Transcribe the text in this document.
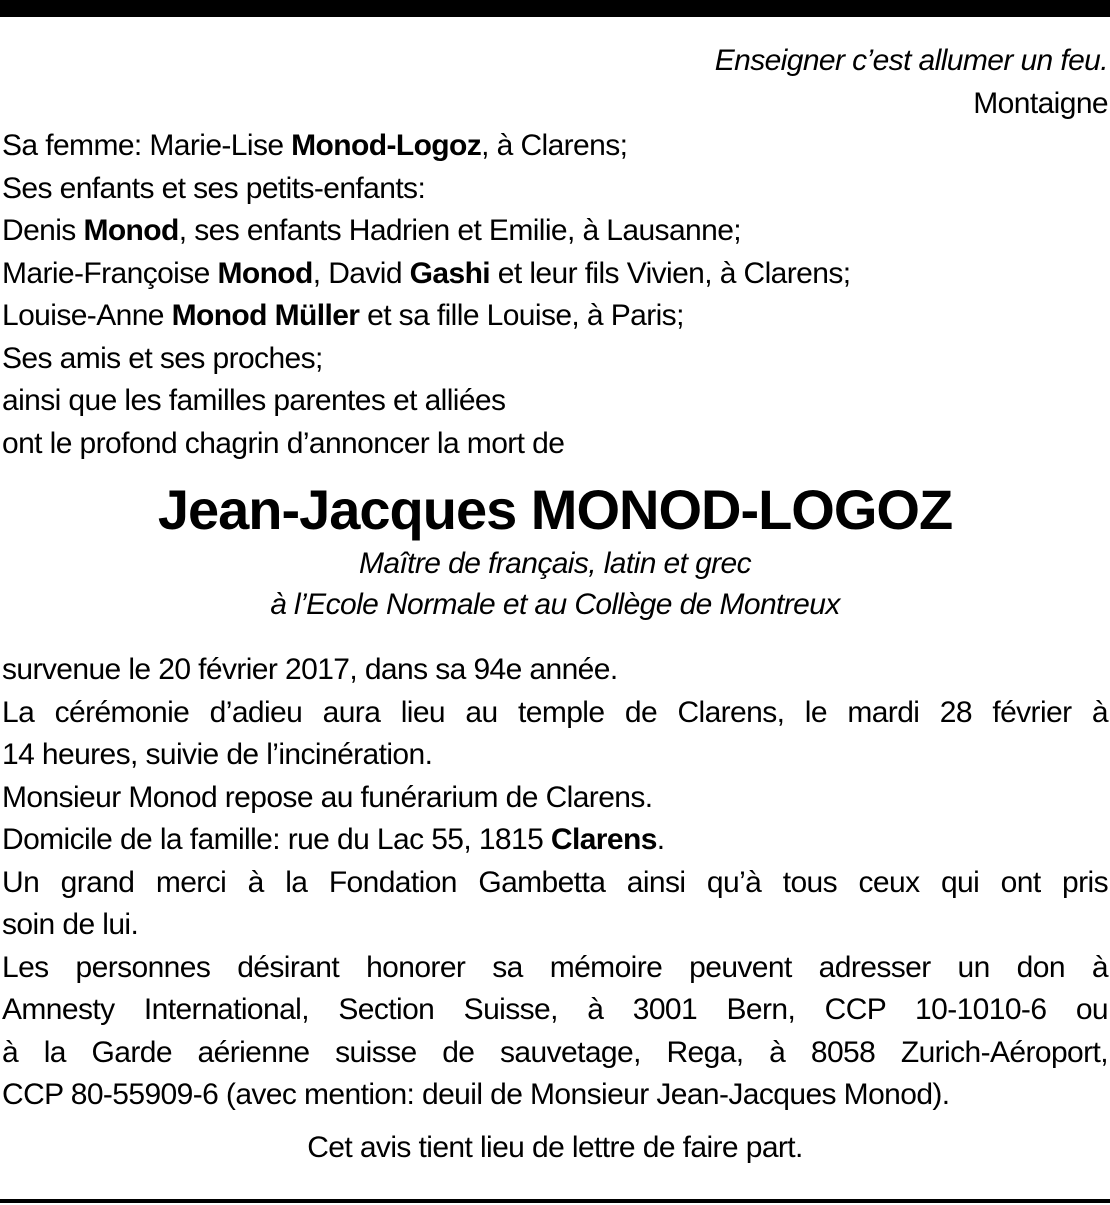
Enseigner c’est allumer un feu.
Montaigne
Sa femme: Marie-Lise Monod-Logoz, à Clarens;
Ses enfants et ses petits-enfants:
Denis Monod, ses enfants Hadrien et Emilie, à Lausanne;
Marie-Françoise Monod, David Gashi et leur fils Vivien, à Clarens;
Louise-Anne Monod Müller et sa fille Louise, à Paris;
Ses amis et ses proches;
ainsi que les familles parentes et alliées
ont le profond chagrin d’annoncer la mort de
Jean-Jacques MONOD-LOGOZ
Maître de français, latin et grec
à l’Ecole Normale et au Collège de Montreux
survenue le 20 février 2017, dans sa 94e année.
La cérémonie d’adieu aura lieu au temple de Clarens, le mardi 28 février à
14 heures, suivie de l’incinération.
Monsieur Monod repose au funérarium de Clarens.
Domicile de la famille: rue du Lac 55, 1815 Clarens.
Un grand merci à la Fondation Gambetta ainsi qu’à tous ceux qui ont pris
soin de lui.
Les personnes désirant honorer sa mémoire peuvent adresser un don à
Amnesty International, Section Suisse, à 3001 Bern, CCP 10-1010-6 ou
à la Garde aérienne suisse de sauvetage, Rega, à 8058 Zurich-Aéroport,
CCP 80-55909-6 (avec mention: deuil de Monsieur Jean-Jacques Monod).
Cet avis tient lieu de lettre de faire part.
